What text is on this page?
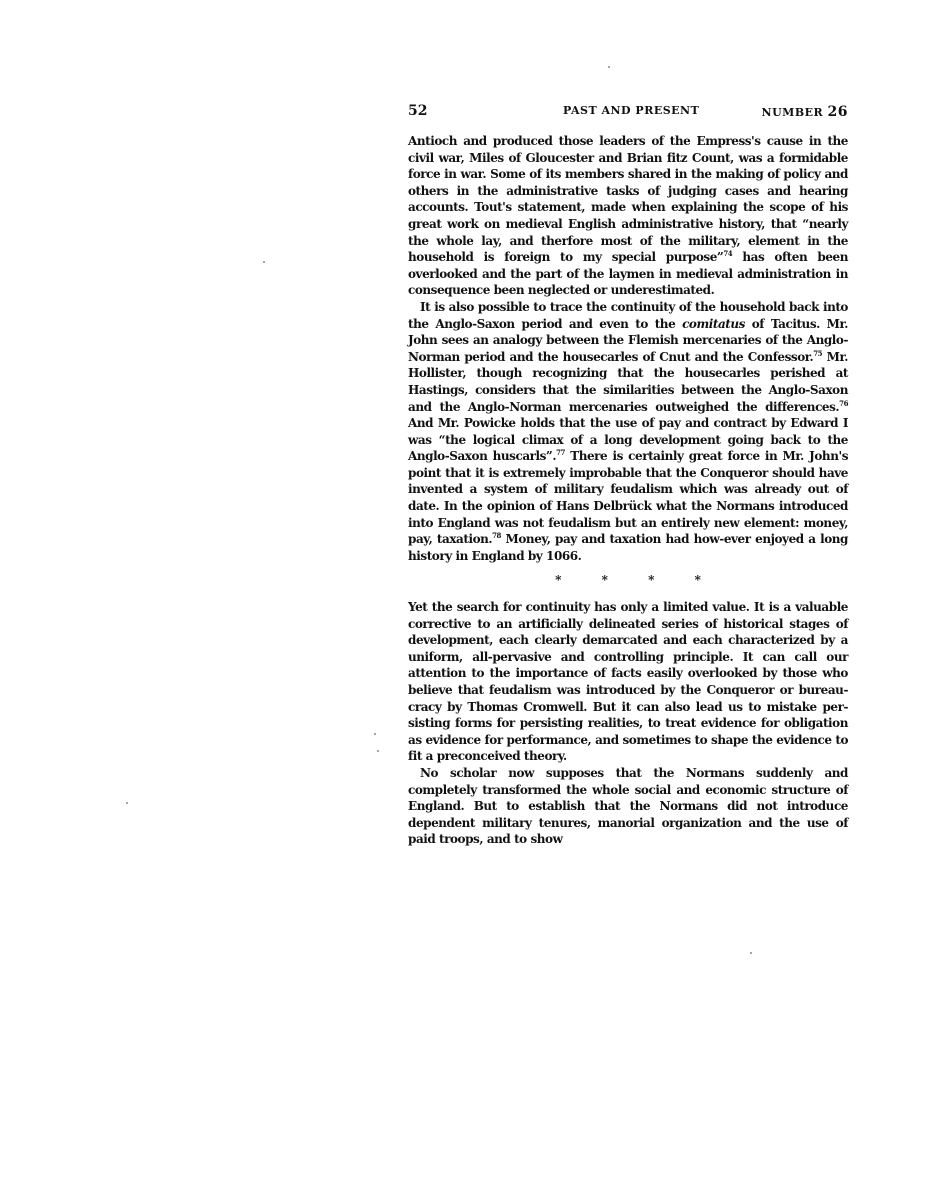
52	PAST AND PRESENT	NUMBER 26

Antioch and produced those leaders of the Empress's cause in the civil war, Miles of Gloucester and Brian fitz Count, was a formidable force in war. Some of its members shared in the making of policy and others in the administrative tasks of judging cases and hearing accounts. Tout's statement, made when explaining the scope of his great work on medieval English administrative history, that “nearly the whole lay, and therfore most of the military, element in the household is foreign to my special purpose”$^{74}$ has often been overlooked and the part of the laymen in medieval administration in consequence been neglected or underestimated.

It is also possible to trace the continuity of the household back into the Anglo-Saxon period and even to the comitatus of Tacitus. Mr. John sees an analogy between the Flemish mercenaries of the Anglo-Norman period and the housecarles of Cnut and the Confessor.$^{75}$ Mr. Hollister, though recognizing that the housecarles perished at Hastings, considers that the similarities between the Anglo-Saxon and the Anglo-Norman mercenaries outweighed the differences.$^{76}$ And Mr. Powicke holds that the use of pay and contract by Edward I was “the logical climax of a long development going back to the Anglo-Saxon huscarls”.$^{77}$ There is certainly great force in Mr. John's point that it is extremely improbable that the Conqueror should have invented a system of military feudalism which was already out of date. In the opinion of Hans Delbrück what the Normans introduced into England was not feudalism but an entirely new element: money, pay, taxation.$^{78}$ Money, pay and taxation had how-ever enjoyed a long history in England by 1066.

*	*	*	*

Yet the search for continuity has only a limited value. It is a valuable corrective to an artificially delineated series of historical stages of development, each clearly demarcated and each characterized by a uniform, all-pervasive and controlling principle. It can call our attention to the importance of facts easily overlooked by those who believe that feudalism was introduced by the Conqueror or bureau-cracy by Thomas Cromwell. But it can also lead us to mistake per-sisting forms for persisting realities, to treat evidence for obligation as evidence for performance, and sometimes to shape the evidence to fit a preconceived theory.

No scholar now supposes that the Normans suddenly and completely transformed the whole social and economic structure of England. But to establish that the Normans did not introduce dependent military tenures, manorial organization and the use of paid troops, and to show
